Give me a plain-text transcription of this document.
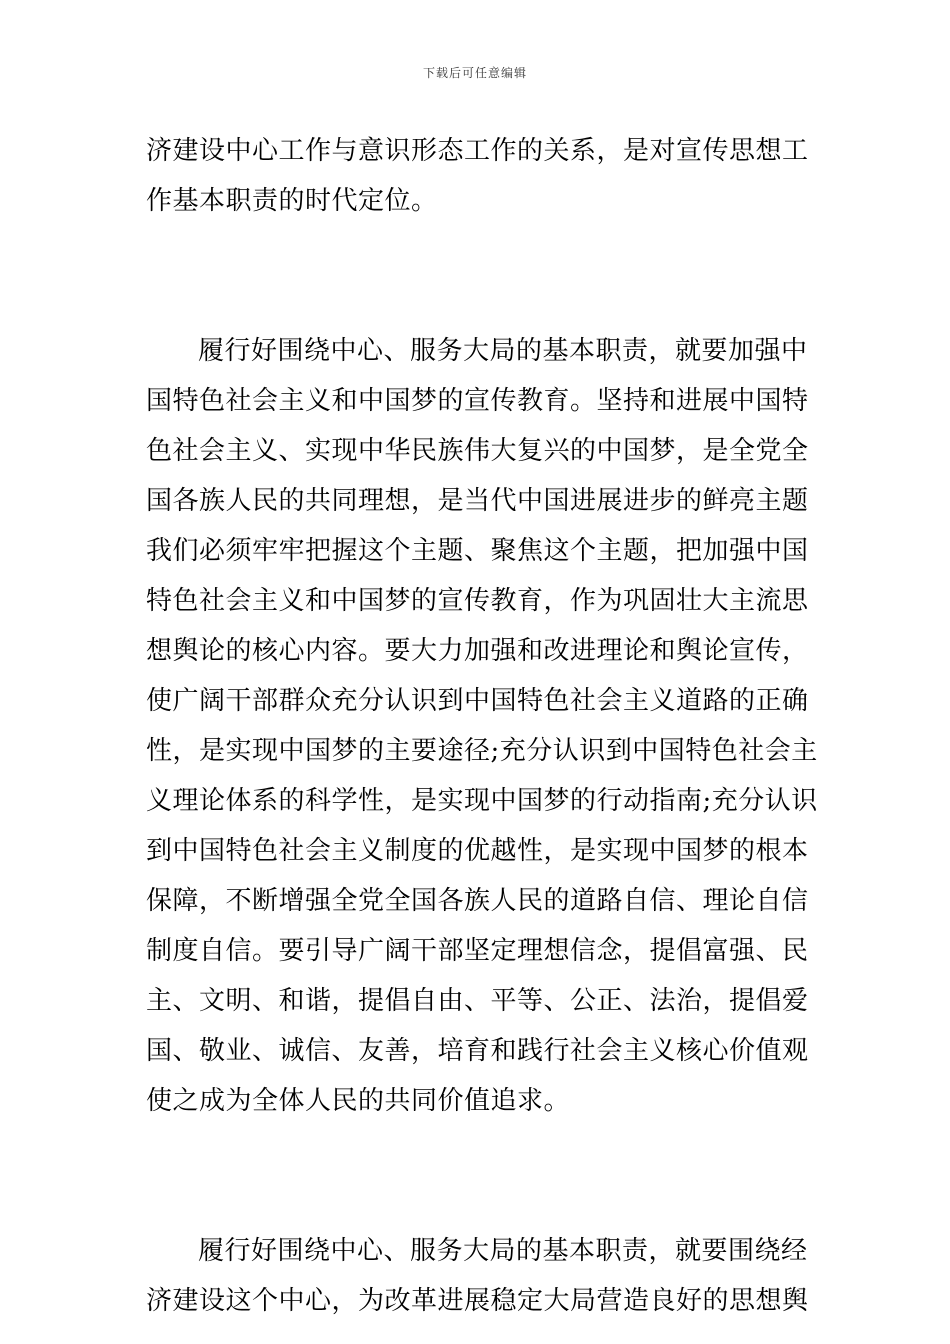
下载后可任意编辑
济建设中心工作与意识形态工作的关系，是对宣传思想工
作基本职责的时代定位。
履行好围绕中心、服务大局的基本职责，就要加强中
国特色社会主义和中国梦的宣传教育。坚持和进展中国特
色社会主义、实现中华民族伟大复兴的中国梦，是全党全
国各族人民的共同理想，是当代中国进展进步的鲜亮主题
我们必须牢牢把握这个主题、聚焦这个主题，把加强中国
特色社会主义和中国梦的宣传教育，作为巩固壮大主流思
想舆论的核心内容。要大力加强和改进理论和舆论宣传，
使广阔干部群众充分认识到中国特色社会主义道路的正确
性，是实现中国梦的主要途径;充分认识到中国特色社会主
义理论体系的科学性，是实现中国梦的行动指南;充分认识
到中国特色社会主义制度的优越性，是实现中国梦的根本
保障，不断增强全党全国各族人民的道路自信、理论自信
制度自信。要引导广阔干部坚定理想信念，提倡富强、民
主、文明、和谐，提倡自由、平等、公正、法治，提倡爱
国、敬业、诚信、友善，培育和践行社会主义核心价值观
使之成为全体人民的共同价值追求。
履行好围绕中心、服务大局的基本职责，就要围绕经
济建设这个中心，为改革进展稳定大局营造良好的思想舆
